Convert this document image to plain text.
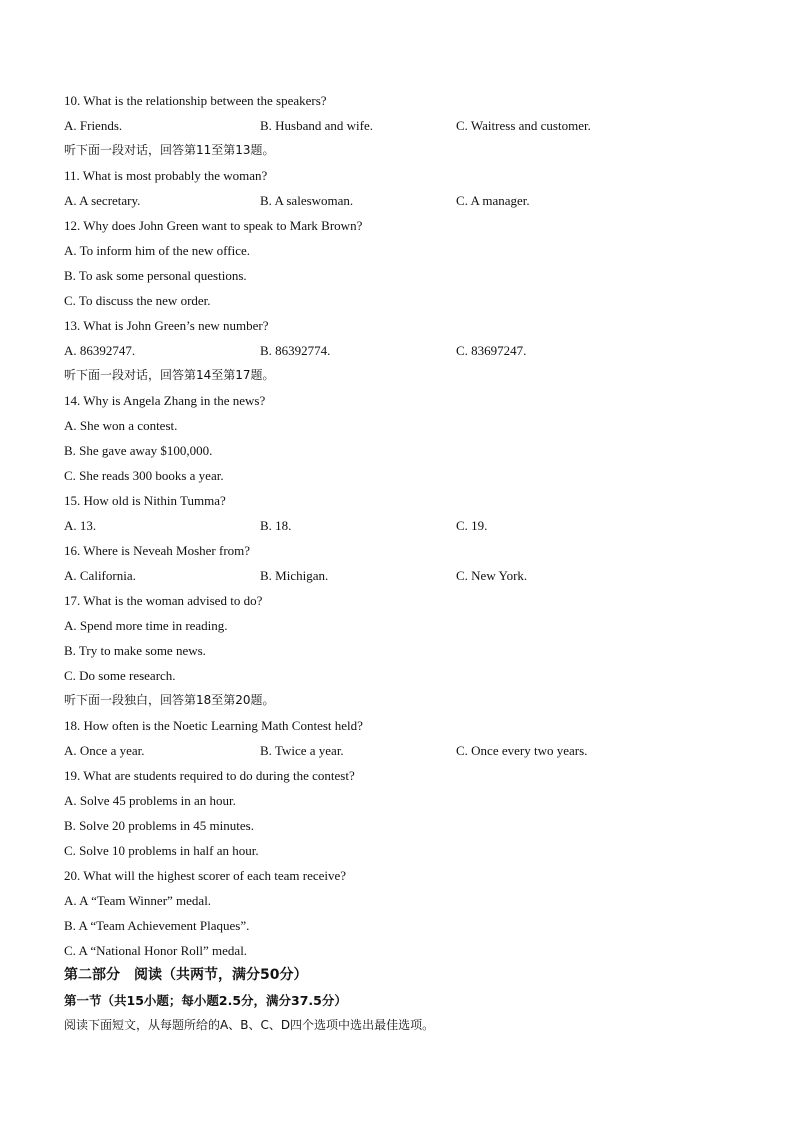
10. What is the relationship between the speakers?
A. Friends.	B. Husband and wife.	C. Waitress and customer.
听下面一段对话，回答第11至第13题。
11. What is most probably the woman?
A. A secretary.	B. A saleswoman.	C. A manager.
12. Why does John Green want to speak to Mark Brown?
A. To inform him of the new office.
B. To ask some personal questions.
C. To discuss the new order.
13. What is John Green’s new number?
A. 86392747.	B. 86392774.	C. 83697247.
听下面一段对话，回答第14至第17题。
14. Why is Angela Zhang in the news?
A. She won a contest.
B. She gave away $100,000.
C. She reads 300 books a year.
15. How old is Nithin Tumma?
A. 13.	B. 18.	C. 19.
16. Where is Neveah Mosher from?
A. California.	B. Michigan.	C. New York.
17. What is the woman advised to do?
A. Spend more time in reading.
B. Try to make some news.
C. Do some research.
听下面一段独白，回答第18至第20题。
18. How often is the Noetic Learning Math Contest held?
A. Once a year.	B. Twice a year.	C. Once every two years.
19. What are students required to do during the contest?
A. Solve 45 problems in an hour.
B. Solve 20 problems in 45 minutes.
C. Solve 10 problems in half an hour.
20. What will the highest scorer of each team receive?
A. A “Team Winner” medal.
B. A “Team Achievement Plaques”.
C. A “National Honor Roll” medal.
第二部分　阅读（共两节，满分50分）
第一节（共15小题；每小题2.5分，满分37.5分）
阅读下面短文，从每题所给的A、B、C、D四个选项中选出最佳选项。
